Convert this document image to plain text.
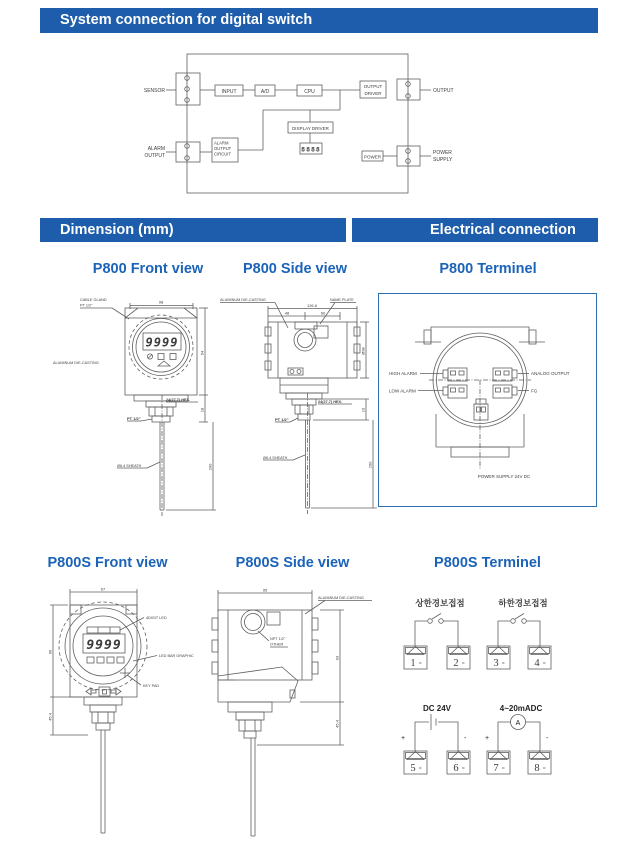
System connection for digital switch
SENSOR	INPUT	A/D	CPU
OUTPUT
DRIVER	OUTPUT
DISPLAY DRIVER
8888
ALARM
OUTPUT
CIRCUIT
ALARM
OUTPUT	POWER
POWER
SUPPLY
Dimension (mm)	Electrical connection
P800 Front view	P800 Side view	P800 Terminel
CABLE GLAND
PT 1/2"
ALUMINUM DIE-CASTING
98
9999
24(27.7) HEX.
PT 1/2"
Ø6.4 SHEATH
64
18
200
ALUMINUM DIE-CASTING	NAME PLATE
126.6
48	60
24(27.7) HEX.
PT 1/2"
Ø6.4 SHEATH
Ø98
10
200
HIGH ALARM
LOW ALARM
ANALOG OUTPUT
FG
POWER SUPPLY 24V DC
P800S Front view	P800S Side view	P800S Terminel
67
9999
4DIGIT LED
LED BAR GRAPHIC
KEY PAD
96
45.4
ALUMINUM DIE-CASTING
95
NPT 1/2"
OTHER
93
45.4
상한경보접점	하한경보접점
1	2	3	4
DC 24V
+	-
4~20mADC
A
+	-
5	6	7	8
